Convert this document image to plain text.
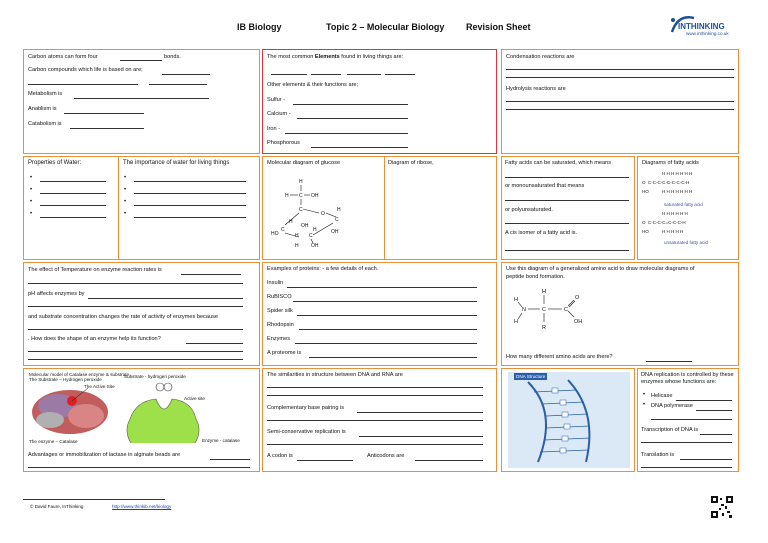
IB Biology	Topic 2 – Molecular Biology Revision Sheet	INTHINKING
www.inthinking.co.uk
Carbon atoms can form four	bonds.
Carbon compounds which life is based on are;
Metabolism is
Anablism is
Catabolism is
The most common Elements found in living things are:
Other elements & their functions are;
Sulfur -
Calcium -
Iron -
Phosphorous
Condensation reactions are
Hydrolysis reactions are
Properties of Water:	The importance of water for living things
•
•
•
•
•
•
•
•
Molecular diagram of glucose	Diagram of ribose,
H
H C OH
C
O
H
C
OH
H
C
OH
HO	H
H
C
H OH
Fatty acids can be saturated, which means
or monounsaturated that means
or polyunsaturated.
A cis isomer of a fatty acid is.
Diagrams of fatty acids
H H H H H H H
O C-C-C-C-C-C-C-C-H
H H H H H H H
HO
saturated fatty acid
H H H H H H
O C-C-C-C=C-C-C-H
H H H H H
HO
unsaturated fatty acid
The effect of Temperature on enzyme reaction rates is
pH affects enzymes by
and substrate concentration changes the rate of activity of enzymes because
. How does the shape of an enzyme help its function?
Examples of proteins: - a few details of each.
Insulin
RuBISCO
Spider silk
Rhodopsin
Enzymes
A proteome is
Use this diagram of a generalized amino acid to draw molecular diagrams of
peptide bond formation.
H
N
H
H
C
R
C
O
OH
How many different amino acids are there?
Molecular model of Catalase enzyme & substrate
The Substrate – Hydrogen peroxide
The Active Site
The enzyme – Catalase
Substrate - hydrogen peroxide
Active site
Enzyme - catalase
Advantages or immobilization of lactase in alginate beads are
The similarities in structure between DNA and RNA are
Complementary base pairing is
Semi-conservative replication is
A codon is	Anticodons are
DNA Structure	DNA replication is controlled by these
enzymes whose functions are:
• Helicase
• DNA polymerase
Transcription of DNA is
Translation is
© David Faure, InThinking	http://www.thinkib.net/biology
